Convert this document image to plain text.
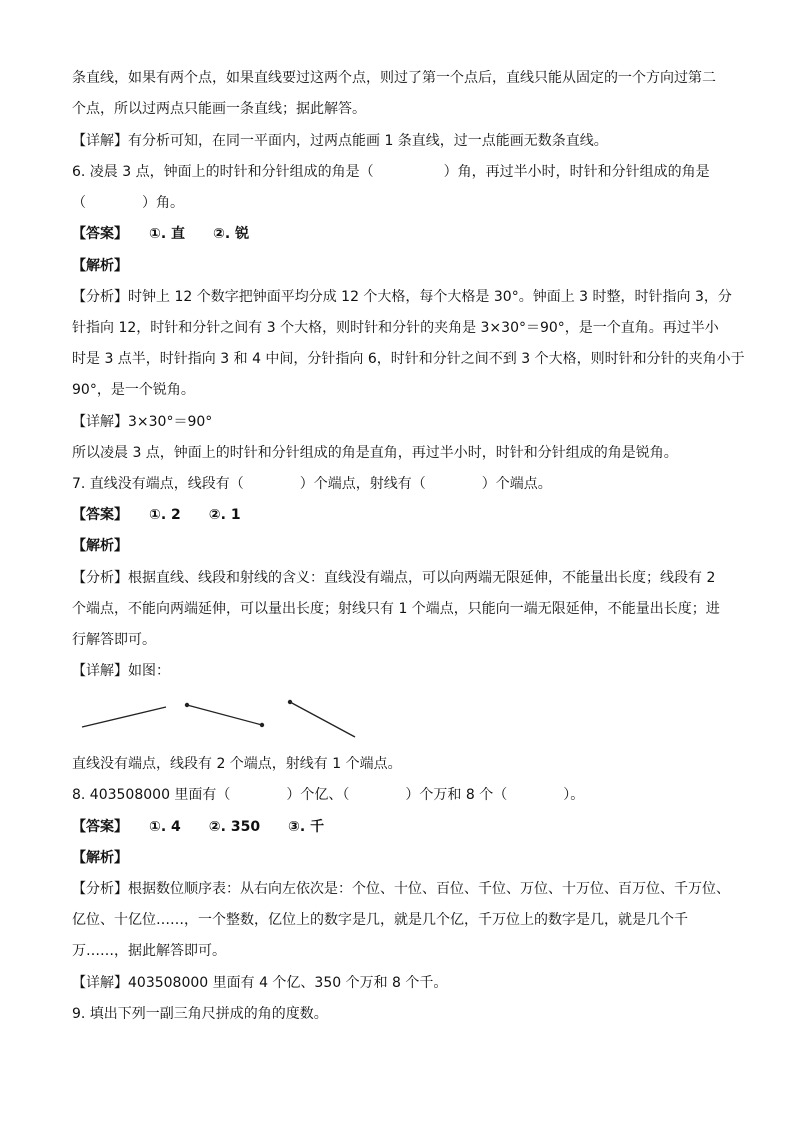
条直线，如果有两个点，如果直线要过这两个点，则过了第一个点后，直线只能从固定的一个方向过第二
个点，所以过两点只能画一条直线；据此解答。
【详解】有分析可知，在同一平面内，过两点能画 1 条直线，过一点能画无数条直线。
6. 凌晨 3 点，钟面上的时针和分针组成的角是（　　　　　）角，再过半小时，时针和分针组成的角是
（　　　　）角。
【答案】　　①. 直　　②. 锐
【解析】
【分析】时钟上 12 个数字把钟面平均分成 12 个大格，每个大格是 30°。钟面上 3 时整，时针指向 3，分
针指向 12，时针和分针之间有 3 个大格，则时针和分针的夹角是 3×30°＝90°，是一个直角。再过半小
时是 3 点半，时针指向 3 和 4 中间，分针指向 6，时针和分针之间不到 3 个大格，则时针和分针的夹角小于
90°，是一个锐角。
【详解】3×30°＝90°
所以凌晨 3 点，钟面上的时针和分针组成的角是直角，再过半小时，时针和分针组成的角是锐角。
7. 直线没有端点，线段有（　　　　）个端点，射线有（　　　　）个端点。
【答案】　　①. 2　　②. 1
【解析】
【分析】根据直线、线段和射线的含义：直线没有端点，可以向两端无限延伸，不能量出长度；线段有 2
个端点，不能向两端延伸，可以量出长度；射线只有 1 个端点，只能向一端无限延伸，不能量出长度；进
行解答即可。
【详解】如图：
直线没有端点，线段有 2 个端点，射线有 1 个端点。
8. 403508000 里面有（　　　　）个亿、（　　　　）个万和 8 个（　　　　）。
【答案】　　①. 4　　②. 350　　③. 千
【解析】
【分析】根据数位顺序表：从右向左依次是：个位、十位、百位、千位、万位、十万位、百万位、千万位、
亿位、十亿位……，一个整数，亿位上的数字是几，就是几个亿，千万位上的数字是几，就是几个千
万……，据此解答即可。
【详解】403508000 里面有 4 个亿、350 个万和 8 个千。
9. 填出下列一副三角尺拼成的角的度数。
